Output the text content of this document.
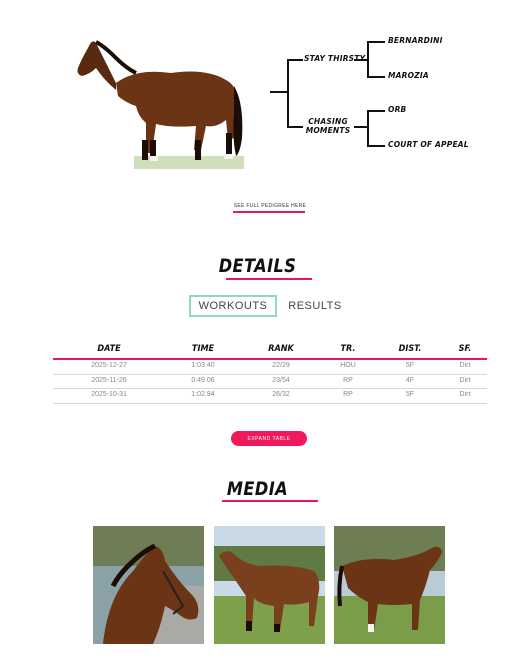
STAY THIRSTY
BERNARDINI
MAROZIA
CHASING
MOMENTS
ORB
COURT OF APPEAL
SEE FULL PEDIGREE HERE
DETAILS
WORKOUTS	RESULTS
DATE	TIME	RANK	TR.	DIST.	SF.
2025-12-27	1:03.40	22/29	HOU	5F	Dirt
2025-11-26	0:49.06	23/54	RP	4F	Dirt
2025-10-31	1:02.94	26/32	RP	5F	Dirt
EXPAND TABLE
MEDIA
